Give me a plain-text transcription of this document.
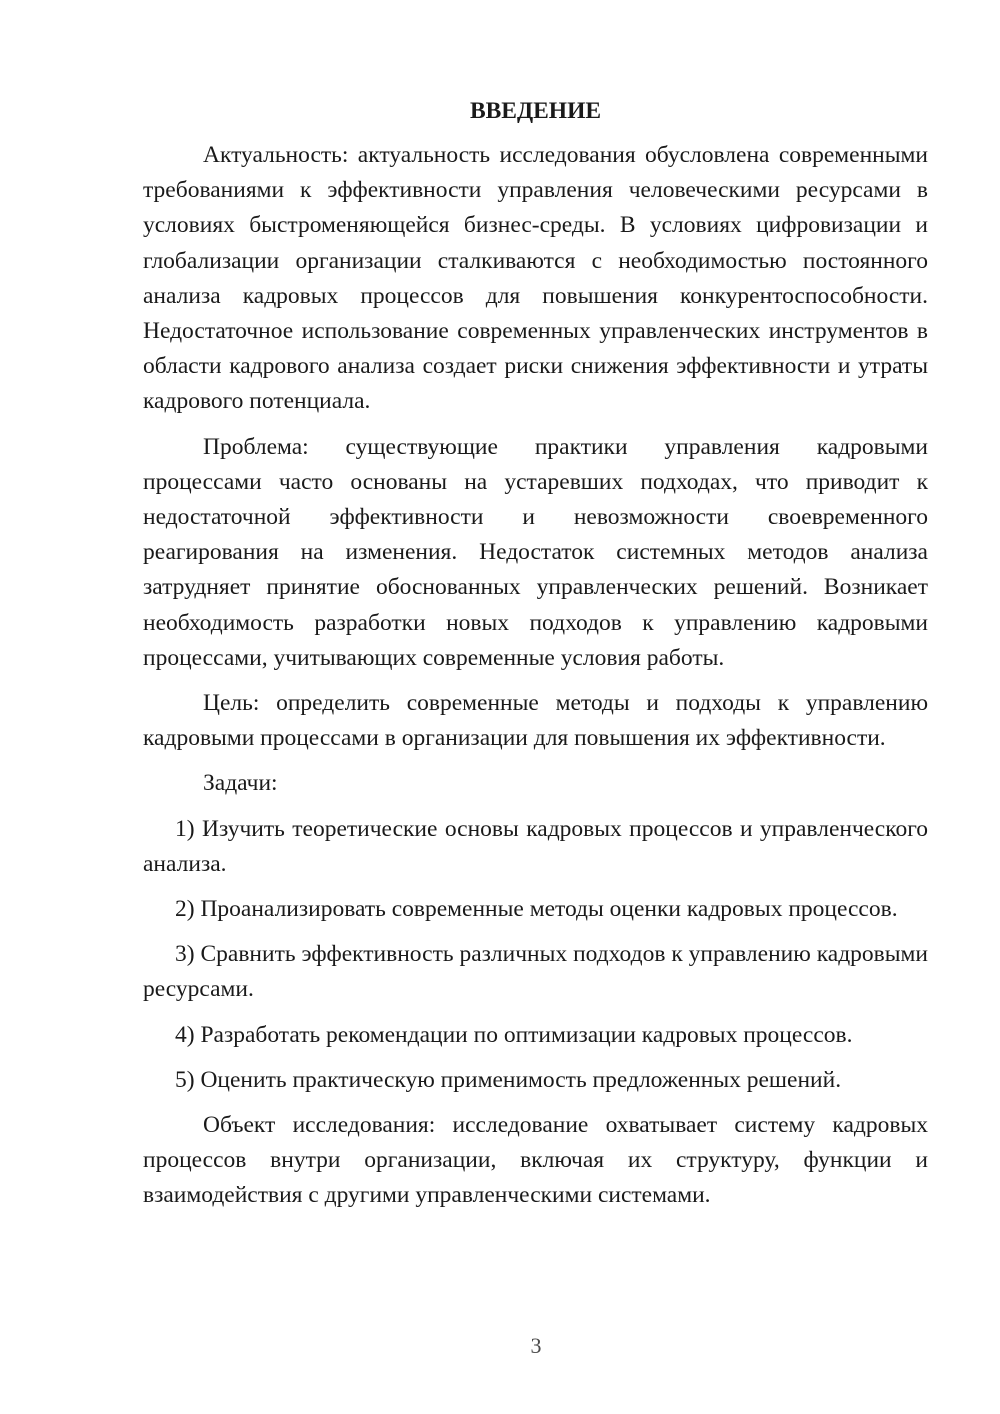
ВВЕДЕНИЕ

Актуальность: актуальность исследования обусловлена современными требованиями к эффективности управления человеческими ресурсами в условиях быстроменяющейся бизнес-среды. В условиях цифровизации и глобализации организации сталкиваются с необходимостью постоянного анализа кадровых процессов для повышения конкурентоспособности. Недостаточное использование современных управленческих инструментов в области кадрового анализа создает риски снижения эффективности и утраты кадрового потенциала.

Проблема: существующие практики управления кадровыми процессами часто основаны на устаревших подходах, что приводит к недостаточной эффективности и невозможности своевременного реагирования на изменения. Недостаток системных методов анализа затрудняет принятие обоснованных управленческих решений. Возникает необходимость разработки новых подходов к управлению кадровыми процессами, учитывающих современные условия работы.

Цель: определить современные методы и подходы к управлению кадровыми процессами в организации для повышения их эффективности.

Задачи:

1) Изучить теоретические основы кадровых процессов и управленческого анализа.

2) Проанализировать современные методы оценки кадровых процессов.

3) Сравнить эффективность различных подходов к управлению кадровыми ресурсами.

4) Разработать рекомендации по оптимизации кадровых процессов.

5) Оценить практическую применимость предложенных решений.

Объект исследования: исследование охватывает систему кадровых процессов внутри организации, включая их структуру, функции и взаимодействия с другими управленческими системами.

3
